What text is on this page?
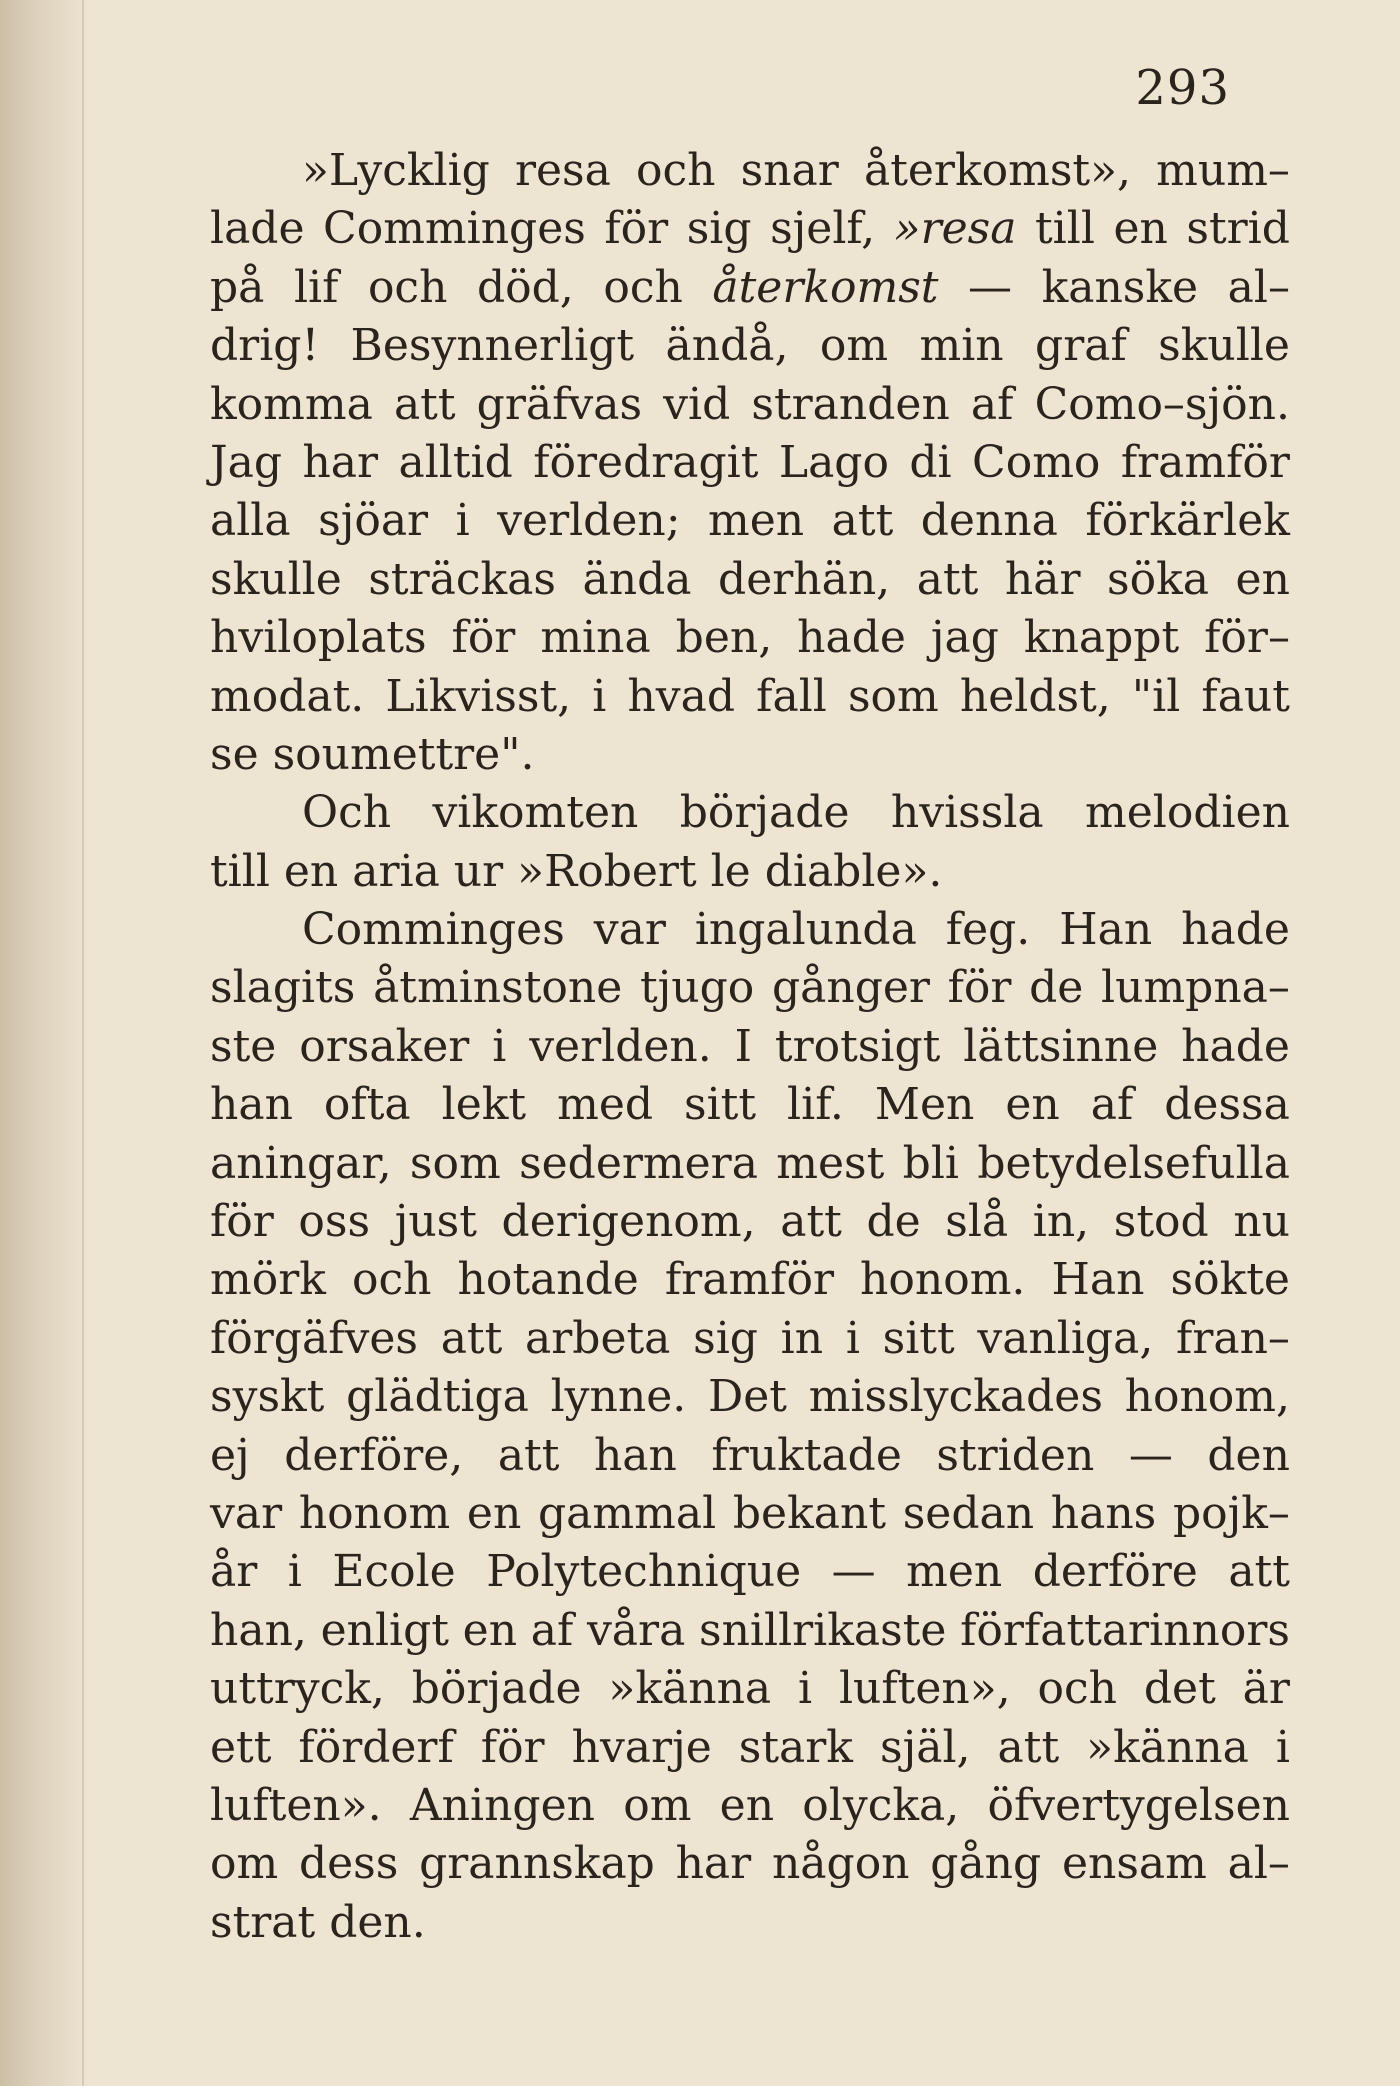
293
»Lycklig resa och snar återkomst», mum–
lade Comminges för sig sjelf, »resa till en strid
på lif och död, och återkomst — kanske al–
drig! Besynnerligt ändå, om min graf skulle
komma att gräfvas vid stranden af Como–sjön.
Jag har alltid föredragit Lago di Como framför
alla sjöar i verlden; men att denna förkärlek
skulle sträckas ända derhän, att här söka en
hviloplats för mina ben, hade jag knappt för–
modat. Likvisst, i hvad fall som heldst, "il faut
se soumettre".
Och vikomten började hvissla melodien
till en aria ur »Robert le diable».
Comminges var ingalunda feg. Han hade
slagits åtminstone tjugo gånger för de lumpna–
ste orsaker i verlden. I trotsigt lättsinne hade
han ofta lekt med sitt lif. Men en af dessa
aningar, som sedermera mest bli betydelsefulla
för oss just derigenom, att de slå in, stod nu
mörk och hotande framför honom. Han sökte
förgäfves att arbeta sig in i sitt vanliga, fran–
syskt glädtiga lynne. Det misslyckades honom,
ej derföre, att han fruktade striden — den
var honom en gammal bekant sedan hans pojk–
år i Ecole Polytechnique — men derföre att
han, enligt en af våra snillrikaste författarinnors
uttryck, började »känna i luften», och det är
ett förderf för hvarje stark själ, att »känna i
luften». Aningen om en olycka, öfvertygelsen
om dess grannskap har någon gång ensam al–
strat den.
